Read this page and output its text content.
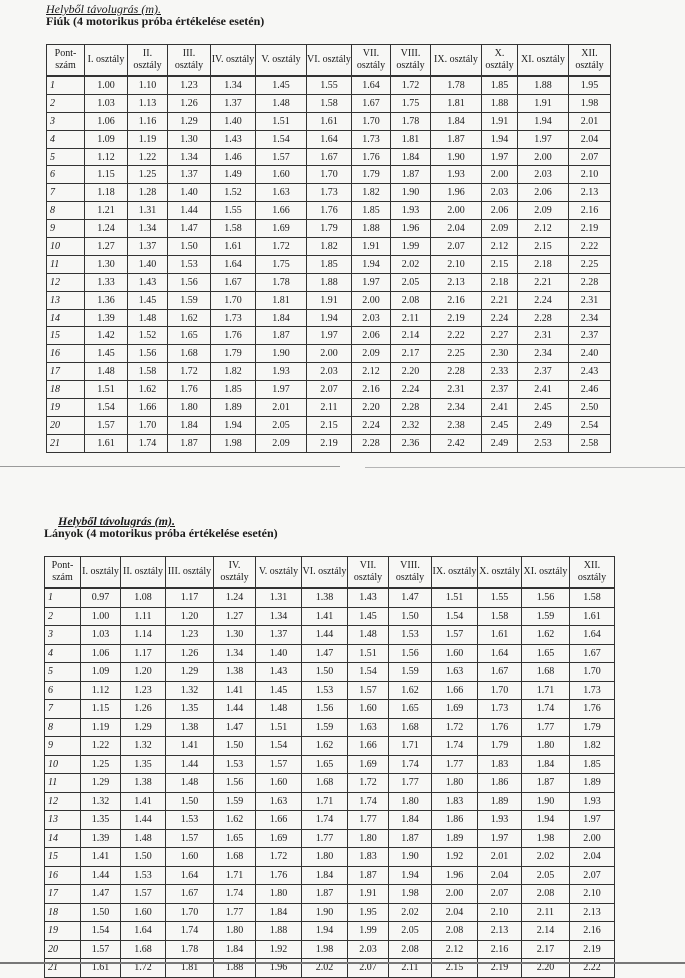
Helyből távolugrás (m).
Fiúk (4 motorikus próba értékelése esetén)
Pont-szám	I. osztály	II. osztály	III. osztály	IV. osztály	V. osztály	VI. osztály	VII. osztály	VIII. osztály	IX. osztály	X. osztály	XI. osztály	XII. osztály
1	1.00	1.10	1.23	1.34	1.45	1.55	1.64	1.72	1.78	1.85	1.88	1.95
2	1.03	1.13	1.26	1.37	1.48	1.58	1.67	1.75	1.81	1.88	1.91	1.98
3	1.06	1.16	1.29	1.40	1.51	1.61	1.70	1.78	1.84	1.91	1.94	2.01
4	1.09	1.19	1.30	1.43	1.54	1.64	1.73	1.81	1.87	1.94	1.97	2.04
5	1.12	1.22	1.34	1.46	1.57	1.67	1.76	1.84	1.90	1.97	2.00	2.07
6	1.15	1.25	1.37	1.49	1.60	1.70	1.79	1.87	1.93	2.00	2.03	2.10
7	1.18	1.28	1.40	1.52	1.63	1.73	1.82	1.90	1.96	2.03	2.06	2.13
8	1.21	1.31	1.44	1.55	1.66	1.76	1.85	1.93	2.00	2.06	2.09	2.16
9	1.24	1.34	1.47	1.58	1.69	1.79	1.88	1.96	2.04	2.09	2.12	2.19
10	1.27	1.37	1.50	1.61	1.72	1.82	1.91	1.99	2.07	2.12	2.15	2.22
11	1.30	1.40	1.53	1.64	1.75	1.85	1.94	2.02	2.10	2.15	2.18	2.25
12	1.33	1.43	1.56	1.67	1.78	1.88	1.97	2.05	2.13	2.18	2.21	2.28
13	1.36	1.45	1.59	1.70	1.81	1.91	2.00	2.08	2.16	2.21	2.24	2.31
14	1.39	1.48	1.62	1.73	1.84	1.94	2.03	2.11	2.19	2.24	2.28	2.34
15	1.42	1.52	1.65	1.76	1.87	1.97	2.06	2.14	2.22	2.27	2.31	2.37
16	1.45	1.56	1.68	1.79	1.90	2.00	2.09	2.17	2.25	2.30	2.34	2.40
17	1.48	1.58	1.72	1.82	1.93	2.03	2.12	2.20	2.28	2.33	2.37	2.43
18	1.51	1.62	1.76	1.85	1.97	2.07	2.16	2.24	2.31	2.37	2.41	2.46
19	1.54	1.66	1.80	1.89	2.01	2.11	2.20	2.28	2.34	2.41	2.45	2.50
20	1.57	1.70	1.84	1.94	2.05	2.15	2.24	2.32	2.38	2.45	2.49	2.54
21	1.61	1.74	1.87	1.98	2.09	2.19	2.28	2.36	2.42	2.49	2.53	2.58
Helyből távolugrás (m).
Lányok (4 motorikus próba értékelése esetén)
Pont-szám	I. osztály	II. osztály	III. osztály	IV. osztály	V. osztály	VI. osztály	VII. osztály	VIII. osztály	IX. osztály	X. osztály	XI. osztály	XII. osztály
1	0.97	1.08	1.17	1.24	1.31	1.38	1.43	1.47	1.51	1.55	1.56	1.58
2	1.00	1.11	1.20	1.27	1.34	1.41	1.45	1.50	1.54	1.58	1.59	1.61
3	1.03	1.14	1.23	1.30	1.37	1.44	1.48	1.53	1.57	1.61	1.62	1.64
4	1.06	1.17	1.26	1.34	1.40	1.47	1.51	1.56	1.60	1.64	1.65	1.67
5	1.09	1.20	1.29	1.38	1.43	1.50	1.54	1.59	1.63	1.67	1.68	1.70
6	1.12	1.23	1.32	1.41	1.45	1.53	1.57	1.62	1.66	1.70	1.71	1.73
7	1.15	1.26	1.35	1.44	1.48	1.56	1.60	1.65	1.69	1.73	1.74	1.76
8	1.19	1.29	1.38	1.47	1.51	1.59	1.63	1.68	1.72	1.76	1.77	1.79
9	1.22	1.32	1.41	1.50	1.54	1.62	1.66	1.71	1.74	1.79	1.80	1.82
10	1.25	1.35	1.44	1.53	1.57	1.65	1.69	1.74	1.77	1.83	1.84	1.85
11	1.29	1.38	1.48	1.56	1.60	1.68	1.72	1.77	1.80	1.86	1.87	1.89
12	1.32	1.41	1.50	1.59	1.63	1.71	1.74	1.80	1.83	1.89	1.90	1.93
13	1.35	1.44	1.53	1.62	1.66	1.74	1.77	1.84	1.86	1.93	1.94	1.97
14	1.39	1.48	1.57	1.65	1.69	1.77	1.80	1.87	1.89	1.97	1.98	2.00
15	1.41	1.50	1.60	1.68	1.72	1.80	1.83	1.90	1.92	2.01	2.02	2.04
16	1.44	1.53	1.64	1.71	1.76	1.84	1.87	1.94	1.96	2.04	2.05	2.07
17	1.47	1.57	1.67	1.74	1.80	1.87	1.91	1.98	2.00	2.07	2.08	2.10
18	1.50	1.60	1.70	1.77	1.84	1.90	1.95	2.02	2.04	2.10	2.11	2.13
19	1.54	1.64	1.74	1.80	1.88	1.94	1.99	2.05	2.08	2.13	2.14	2.16
20	1.57	1.68	1.78	1.84	1.92	1.98	2.03	2.08	2.12	2.16	2.17	2.19
21	1.61	1.72	1.81	1.88	1.96	2.02	2.07	2.11	2.15	2.19	2.20	2.22
